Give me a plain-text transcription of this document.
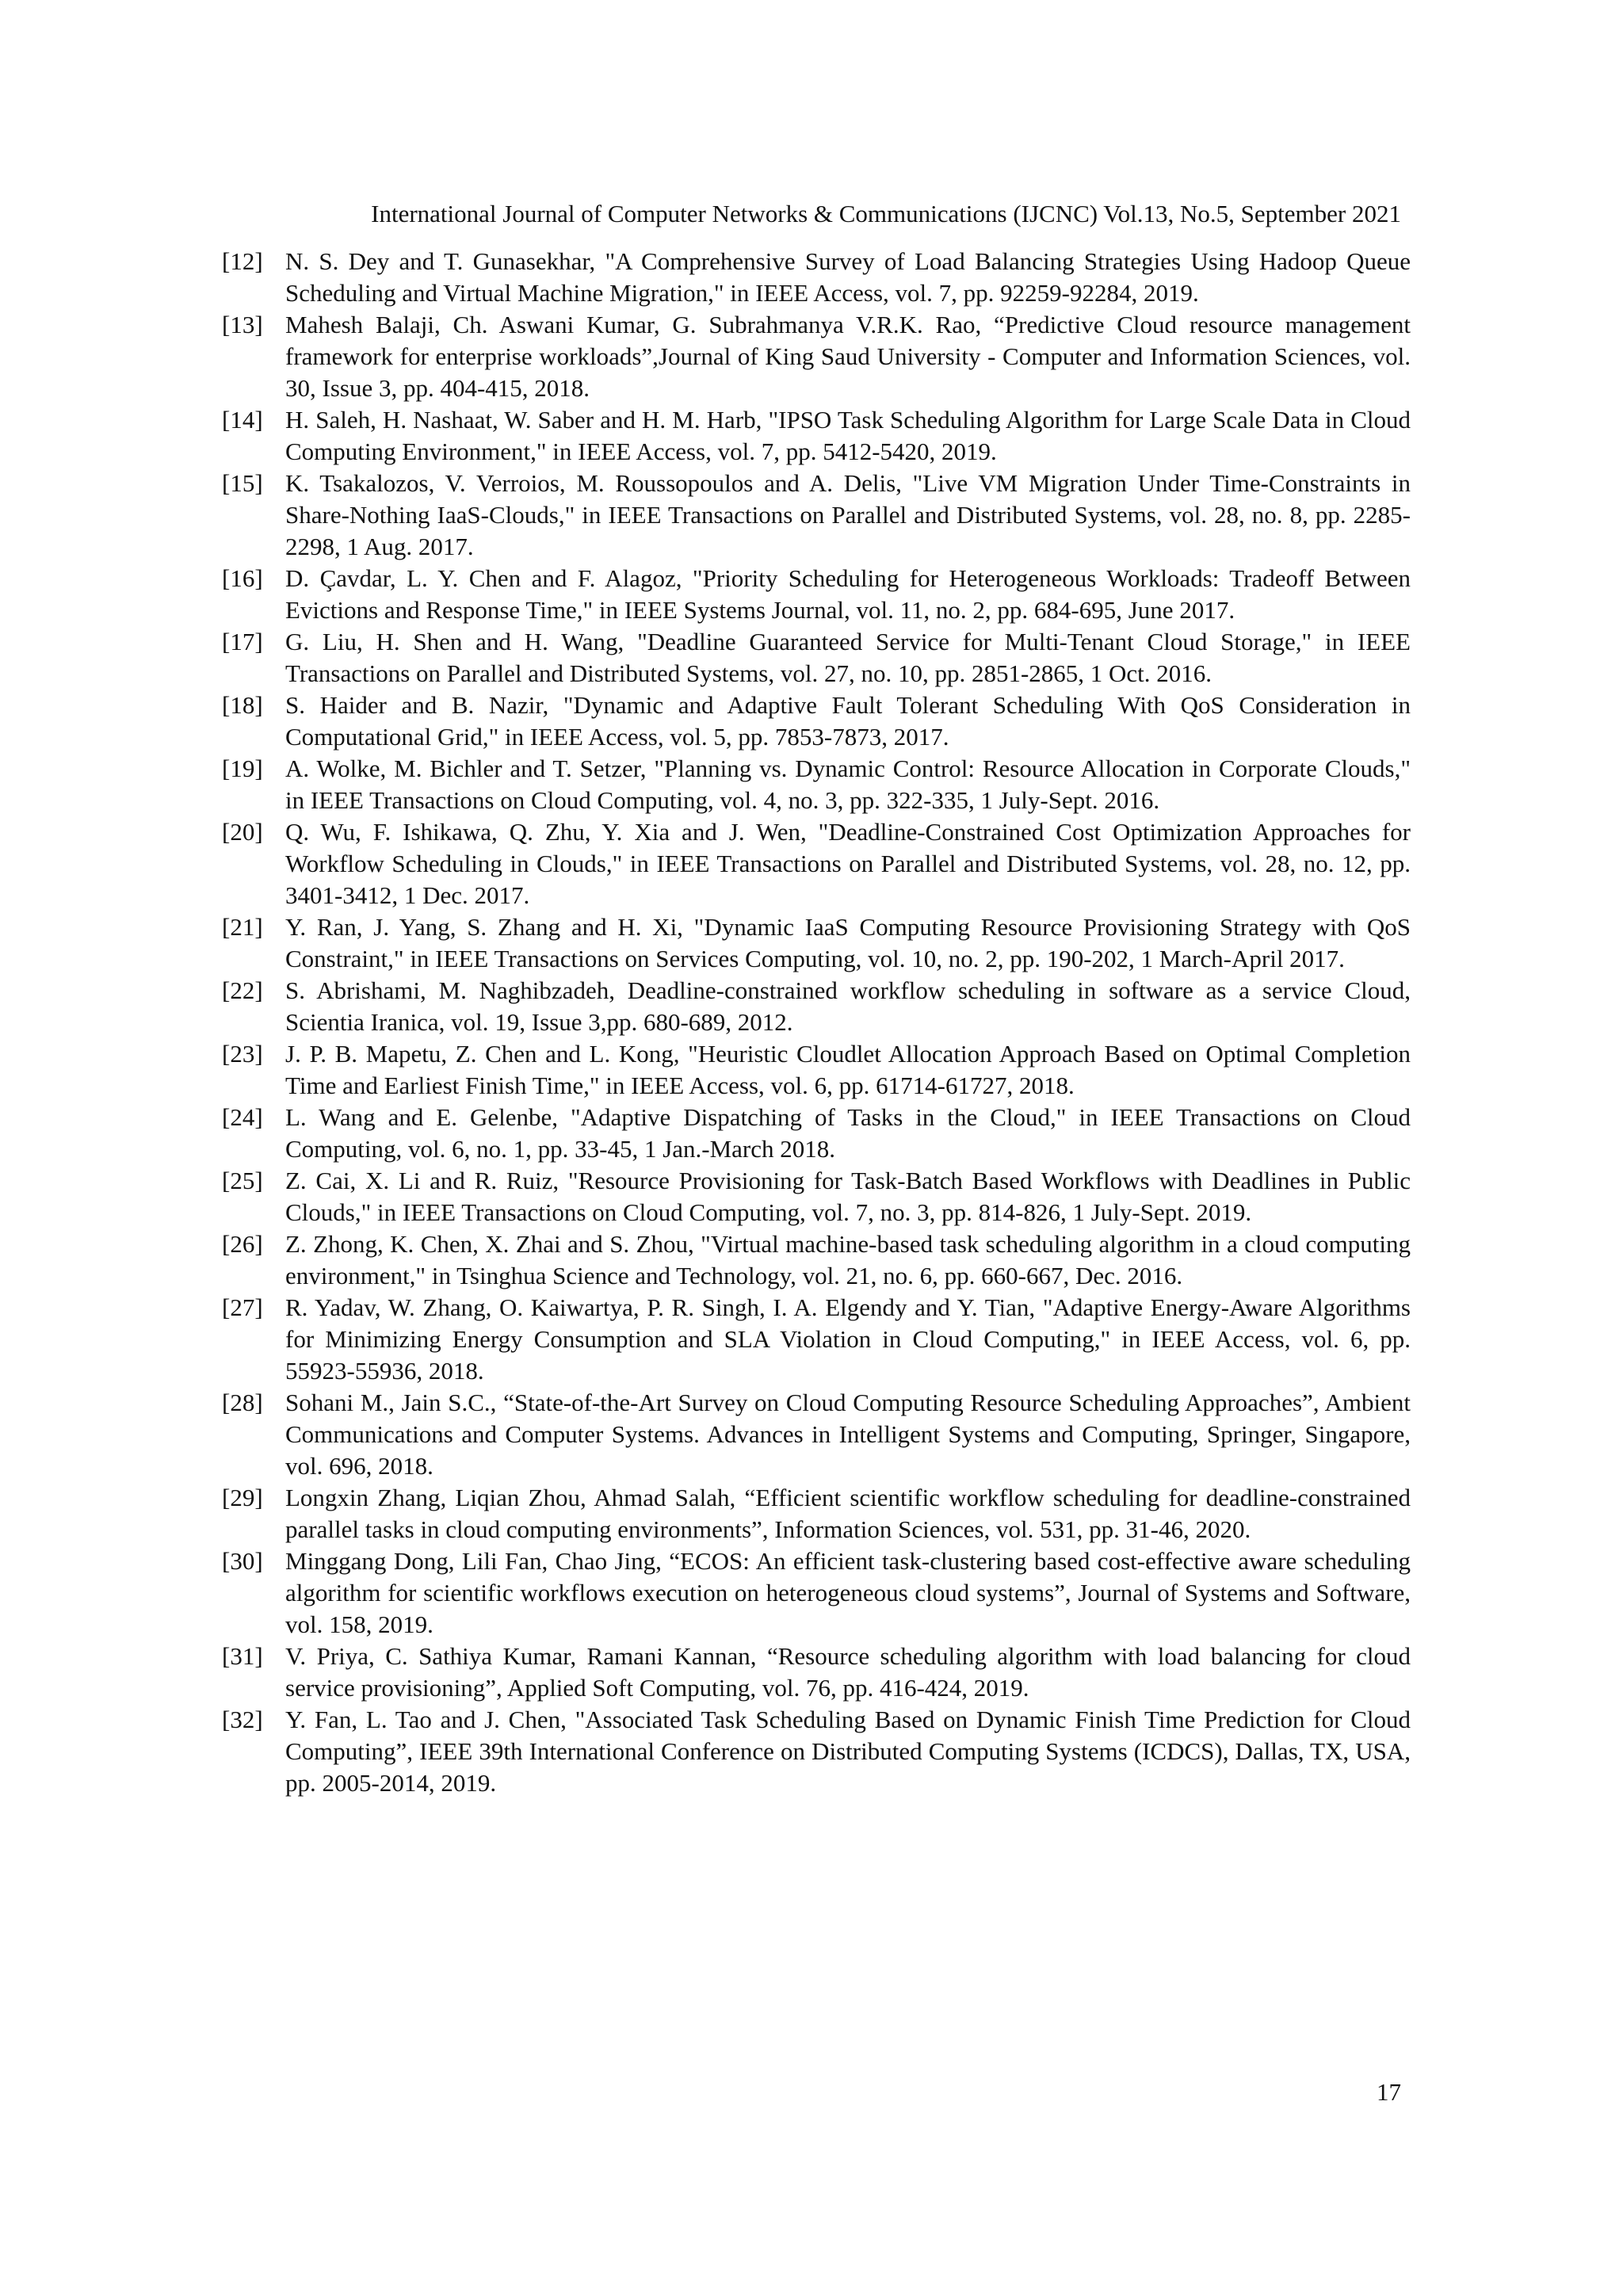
International Journal of Computer Networks & Communications (IJCNC) Vol.13, No.5, September 2021
[12] N. S. Dey and T. Gunasekhar, "A Comprehensive Survey of Load Balancing Strategies Using Hadoop Queue Scheduling and Virtual Machine Migration," in IEEE Access, vol. 7, pp. 92259-92284, 2019.
[13] Mahesh Balaji, Ch. Aswani Kumar, G. Subrahmanya V.R.K. Rao, “Predictive Cloud resource management framework for enterprise workloads”,Journal of King Saud University - Computer and Information Sciences, vol. 30, Issue 3, pp. 404-415, 2018.
[14] H. Saleh, H. Nashaat, W. Saber and H. M. Harb, "IPSO Task Scheduling Algorithm for Large Scale Data in Cloud Computing Environment," in IEEE Access, vol. 7, pp. 5412-5420, 2019.
[15] K. Tsakalozos, V. Verroios, M. Roussopoulos and A. Delis, "Live VM Migration Under Time-Constraints in Share-Nothing IaaS-Clouds," in IEEE Transactions on Parallel and Distributed Systems, vol. 28, no. 8, pp. 2285-2298, 1 Aug. 2017.
[16] D. Çavdar, L. Y. Chen and F. Alagoz, "Priority Scheduling for Heterogeneous Workloads: Tradeoff Between Evictions and Response Time," in IEEE Systems Journal, vol. 11, no. 2, pp. 684-695, June 2017.
[17] G. Liu, H. Shen and H. Wang, "Deadline Guaranteed Service for Multi-Tenant Cloud Storage," in IEEE Transactions on Parallel and Distributed Systems, vol. 27, no. 10, pp. 2851-2865, 1 Oct. 2016.
[18] S. Haider and B. Nazir, "Dynamic and Adaptive Fault Tolerant Scheduling With QoS Consideration in Computational Grid," in IEEE Access, vol. 5, pp. 7853-7873, 2017.
[19] A. Wolke, M. Bichler and T. Setzer, "Planning vs. Dynamic Control: Resource Allocation in Corporate Clouds," in IEEE Transactions on Cloud Computing, vol. 4, no. 3, pp. 322-335, 1 July-Sept. 2016.
[20] Q. Wu, F. Ishikawa, Q. Zhu, Y. Xia and J. Wen, "Deadline-Constrained Cost Optimization Approaches for Workflow Scheduling in Clouds," in IEEE Transactions on Parallel and Distributed Systems, vol. 28, no. 12, pp. 3401-3412, 1 Dec. 2017.
[21] Y. Ran, J. Yang, S. Zhang and H. Xi, "Dynamic IaaS Computing Resource Provisioning Strategy with QoS Constraint," in IEEE Transactions on Services Computing, vol. 10, no. 2, pp. 190-202, 1 March-April 2017.
[22] S. Abrishami, M. Naghibzadeh, Deadline-constrained workflow scheduling in software as a service Cloud, Scientia Iranica, vol. 19, Issue 3,pp. 680-689, 2012.
[23] J. P. B. Mapetu, Z. Chen and L. Kong, "Heuristic Cloudlet Allocation Approach Based on Optimal Completion Time and Earliest Finish Time," in IEEE Access, vol. 6, pp. 61714-61727, 2018.
[24] L. Wang and E. Gelenbe, "Adaptive Dispatching of Tasks in the Cloud," in IEEE Transactions on Cloud Computing, vol. 6, no. 1, pp. 33-45, 1 Jan.-March 2018.
[25] Z. Cai, X. Li and R. Ruiz, "Resource Provisioning for Task-Batch Based Workflows with Deadlines in Public Clouds," in IEEE Transactions on Cloud Computing, vol. 7, no. 3, pp. 814-826, 1 July-Sept. 2019.
[26] Z. Zhong, K. Chen, X. Zhai and S. Zhou, "Virtual machine-based task scheduling algorithm in a cloud computing environment," in Tsinghua Science and Technology, vol. 21, no. 6, pp. 660-667, Dec. 2016.
[27] R. Yadav, W. Zhang, O. Kaiwartya, P. R. Singh, I. A. Elgendy and Y. Tian, "Adaptive Energy-Aware Algorithms for Minimizing Energy Consumption and SLA Violation in Cloud Computing," in IEEE Access, vol. 6, pp. 55923-55936, 2018.
[28] Sohani M., Jain S.C., “State-of-the-Art Survey on Cloud Computing Resource Scheduling Approaches”, Ambient Communications and Computer Systems. Advances in Intelligent Systems and Computing, Springer, Singapore, vol. 696, 2018.
[29] Longxin Zhang, Liqian Zhou, Ahmad Salah, “Efficient scientific workflow scheduling for deadline-constrained parallel tasks in cloud computing environments”, Information Sciences, vol. 531, pp. 31-46, 2020.
[30] Minggang Dong, Lili Fan, Chao Jing, “ECOS: An efficient task-clustering based cost-effective aware scheduling algorithm for scientific workflows execution on heterogeneous cloud systems”, Journal of Systems and Software, vol. 158, 2019.
[31] V. Priya, C. Sathiya Kumar, Ramani Kannan, “Resource scheduling algorithm with load balancing for cloud service provisioning”, Applied Soft Computing, vol. 76, pp. 416-424, 2019.
[32] Y. Fan, L. Tao and J. Chen, "Associated Task Scheduling Based on Dynamic Finish Time Prediction for Cloud Computing”, IEEE 39th International Conference on Distributed Computing Systems (ICDCS), Dallas, TX, USA, pp. 2005-2014, 2019.
17
